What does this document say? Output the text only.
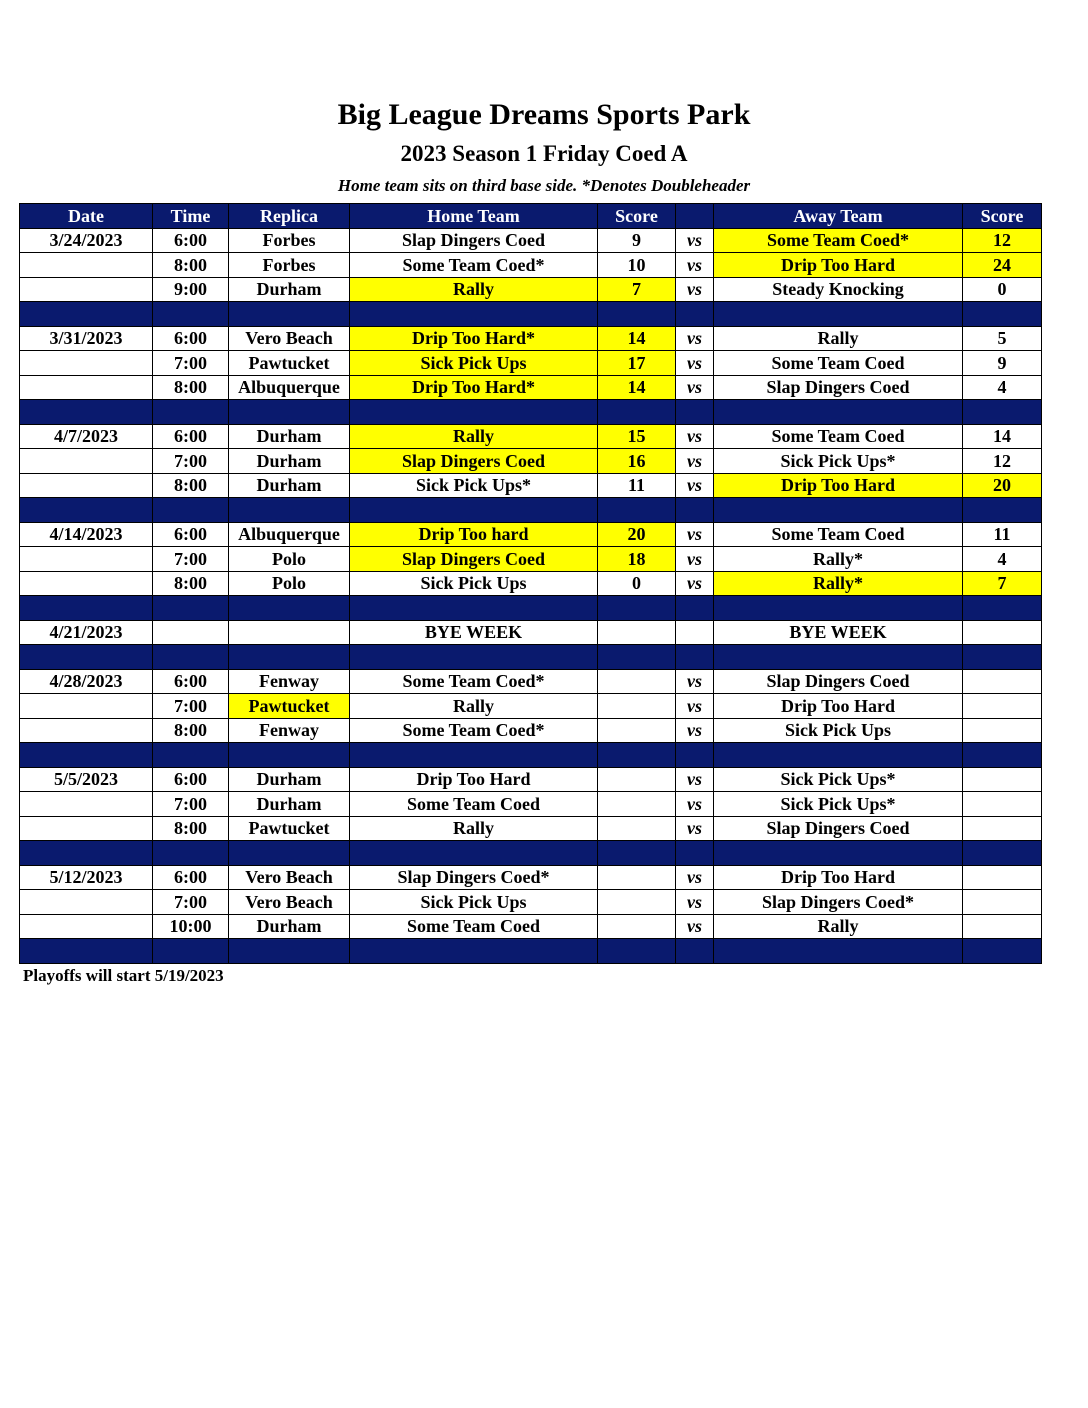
Big League Dreams Sports Park
2023 Season 1 Friday Coed A
Home team sits on third base side. *Denotes Doubleheader
Date	Time	Replica	Home Team	Score		Away Team	Score
3/24/2023	6:00	Forbes	Slap Dingers Coed	9	vs	Some Team Coed*	12
	8:00	Forbes	Some Team Coed*	10	vs	Drip Too Hard	24
	9:00	Durham	Rally	7	vs	Steady Knocking	0

3/31/2023	6:00	Vero Beach	Drip Too Hard*	14	vs	Rally	5
	7:00	Pawtucket	Sick Pick Ups	17	vs	Some Team Coed	9
	8:00	Albuquerque	Drip Too Hard*	14	vs	Slap Dingers Coed	4

4/7/2023	6:00	Durham	Rally	15	vs	Some Team Coed	14
	7:00	Durham	Slap Dingers Coed	16	vs	Sick Pick Ups*	12
	8:00	Durham	Sick Pick Ups*	11	vs	Drip Too Hard	20

4/14/2023	6:00	Albuquerque	Drip Too hard	20	vs	Some Team Coed	11
	7:00	Polo	Slap Dingers Coed	18	vs	Rally*	4
	8:00	Polo	Sick Pick Ups	0	vs	Rally*	7

4/21/2023			BYE WEEK			BYE WEEK	

4/28/2023	6:00	Fenway	Some Team Coed*		vs	Slap Dingers Coed	
	7:00	Pawtucket	Rally		vs	Drip Too Hard	
	8:00	Fenway	Some Team Coed*		vs	Sick Pick Ups	

5/5/2023	6:00	Durham	Drip Too Hard		vs	Sick Pick Ups*	
	7:00	Durham	Some Team Coed		vs	Sick Pick Ups*	
	8:00	Pawtucket	Rally		vs	Slap Dingers Coed	

5/12/2023	6:00	Vero Beach	Slap Dingers Coed*		vs	Drip Too Hard	
	7:00	Vero Beach	Sick Pick Ups		vs	Slap Dingers Coed*	
	10:00	Durham	Some Team Coed		vs	Rally	

Playoffs will start 5/19/2023
